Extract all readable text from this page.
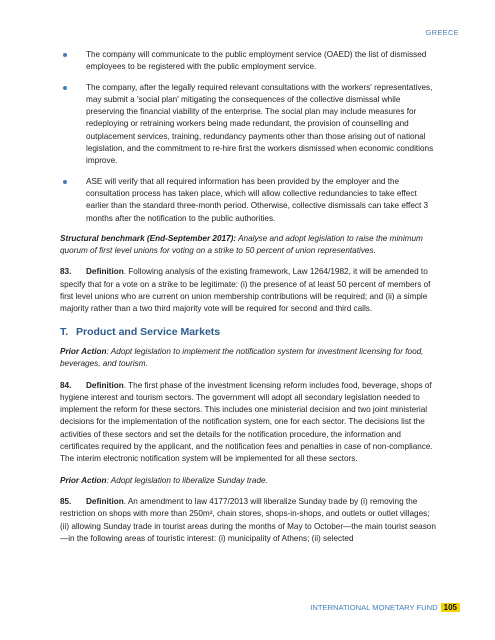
GREECE
The company will communicate to the public employment service (OAED) the list of dismissed employees to be registered with the public employment service.
The company, after the legally required relevant consultations with the workers' representatives, may submit a 'social plan' mitigating the consequences of the collective dismissal while preserving the financial viability of the enterprise. The social plan may include measures for redeploying or retraining workers being made redundant, the provision of counselling and outplacement services, training, redundancy payments other than those arising out of national legislation, and the commitment to re-hire first the workers dismissed when economic conditions improve.
ASE will verify that all required information has been provided by the employer and the consultation process has taken place, which will allow collective redundancies to take effect earlier than the standard three-month period. Otherwise, collective dismissals can take effect 3 months after the notification to the public authorities.

Structural benchmark (End-September 2017): Analyse and adopt legislation to raise the minimum quorum of first level unions for voting on a strike to 50 percent of union representatives.

83. Definition. Following analysis of the existing framework, Law 1264/1982, it will be amended to specify that for a vote on a strike to be legitimate: (i) the presence of at least 50 percent of members of first level unions who are current on union membership contributions will be required; and (ii) a simple majority rather than a two third majority vote will be required for second and third calls.

T. Product and Service Markets

Prior Action: Adopt legislation to implement the notification system for investment licensing for food, beverages, and tourism.

84. Definition. The first phase of the investment licensing reform includes food, beverage, shops of hygiene interest and tourism sectors. The government will adopt all secondary legislation needed to implement the reform for these sectors. This includes one ministerial decision and two joint ministerial decisions for the implementation of the notification system, one for each sector. The decisions list the activities of these sectors and set the details for the notification procedure, the information and certificates required by the applicant, and the notification fees and penalties in case of non-compliance. The interim electronic notification system will be implemented for all these sectors.

Prior Action: Adopt legislation to liberalize Sunday trade.

85. Definition. An amendment to law 4177/2013 will liberalize Sunday trade by (i) removing the restriction on shops with more than 250m², chain stores, shops-in-shops, and outlets or outlet villages; (ii) allowing Sunday trade in tourist areas during the months of May to October—the main tourist season—in the following areas of touristic interest: (i) municipality of Athens; (ii) selected

INTERNATIONAL MONETARY FUND 105
